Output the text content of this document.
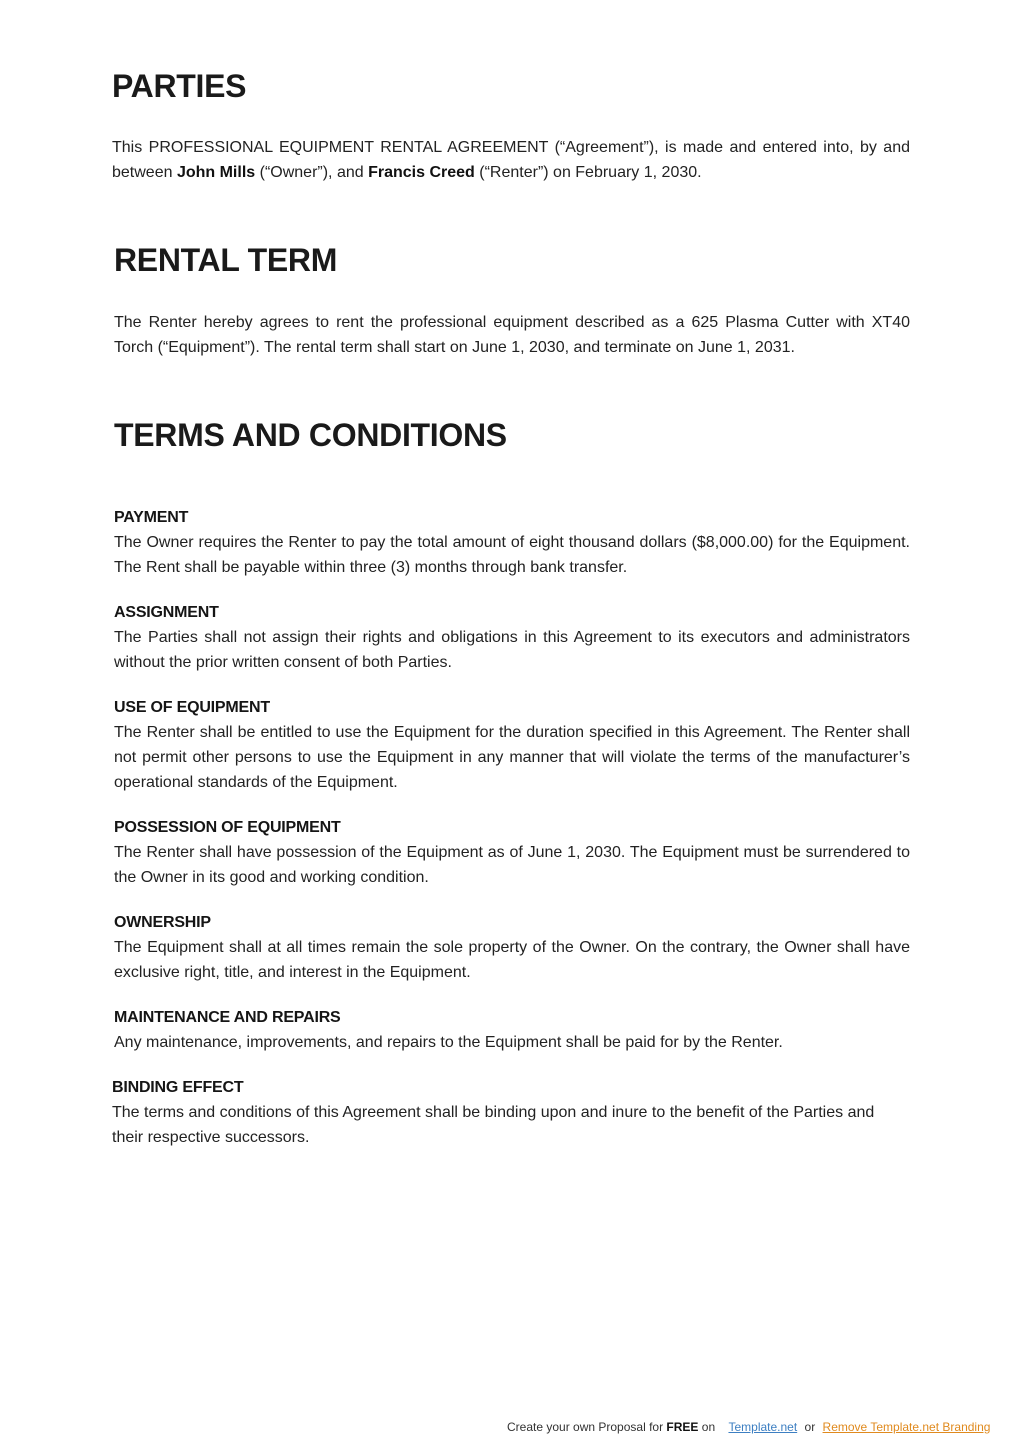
PARTIES

This PROFESSIONAL EQUIPMENT RENTAL AGREEMENT (“Agreement”), is made and entered into, by and between John Mills (“Owner”), and Francis Creed (“Renter”) on February 1, 2030.

RENTAL TERM

The Renter hereby agrees to rent the professional equipment described as a 625 Plasma Cutter with XT40 Torch (“Equipment”). The rental term shall start on June 1, 2030, and terminate on June 1, 2031.

TERMS AND CONDITIONS
PAYMENT

The Owner requires the Renter to pay the total amount of eight thousand dollars ($8,000.00) for the Equipment. The Rent shall be payable within three (3) months through bank transfer.

ASSIGNMENT

The Parties shall not assign their rights and obligations in this Agreement to its executors and administrators without the prior written consent of both Parties.

USE OF EQUIPMENT

The Renter shall be entitled to use the Equipment for the duration specified in this Agreement. The Renter shall not permit other persons to use the Equipment in any manner that will violate the terms of the manufacturer’s operational standards of the Equipment.

POSSESSION OF EQUIPMENT

The Renter shall have possession of the Equipment as of June 1, 2030. The Equipment must be surrendered to the Owner in its good and working condition.

OWNERSHIP

The Equipment shall at all times remain the sole property of the Owner. On the contrary, the Owner shall have exclusive right, title, and interest in the Equipment.

MAINTENANCE AND REPAIRS

Any maintenance, improvements, and repairs to the Equipment shall be paid for by the Renter.

BINDING EFFECT

The terms and conditions of this Agreement shall be binding upon and inure to the benefit of the Parties and their respective successors.

Create your own Proposal for FREE on Template.net or Remove Template.net Branding
